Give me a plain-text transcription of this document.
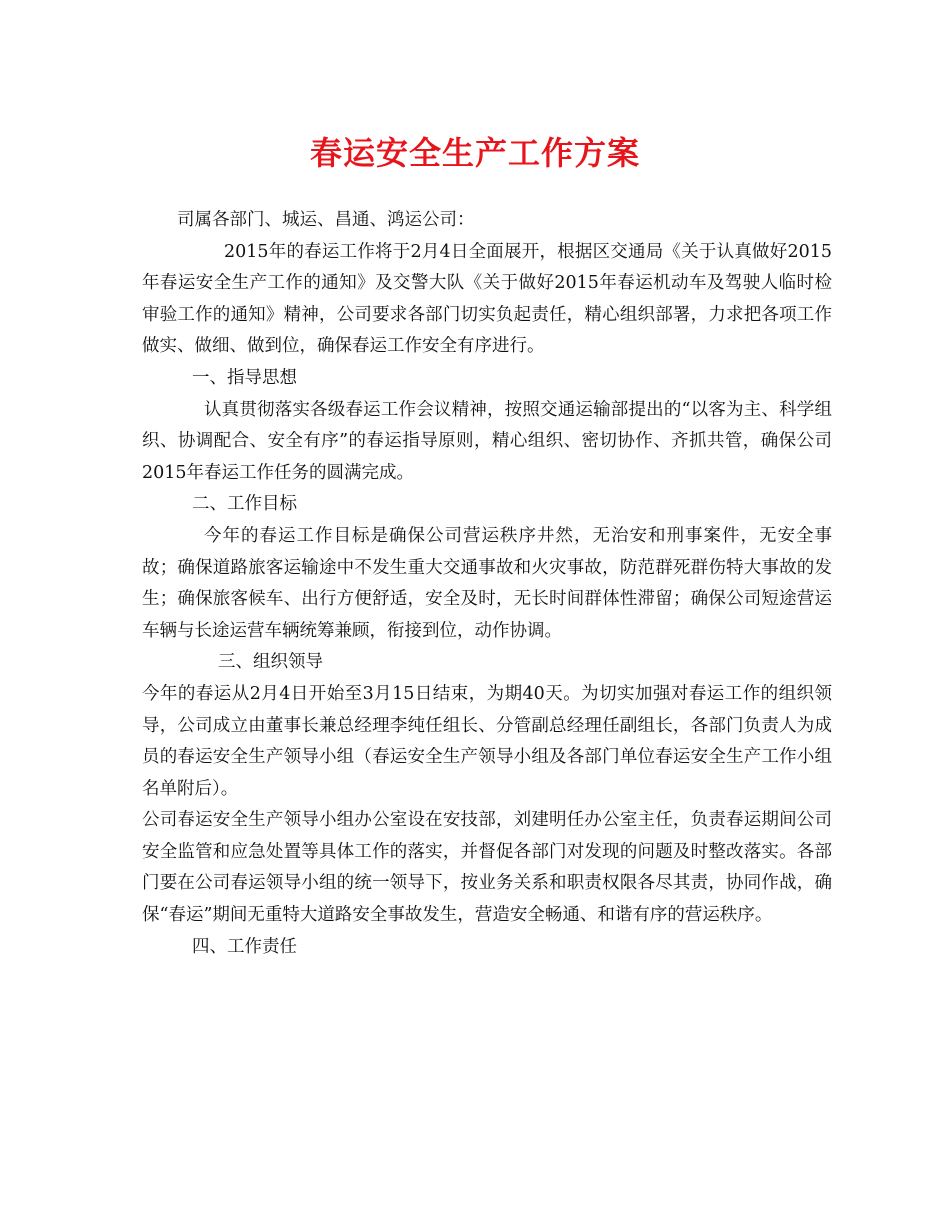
春运安全生产工作方案

司属各部门、城运、昌通、鸿运公司：

2015年的春运工作将于2月4日全面展开，根据区交通局《关于认真做好2015年春运安全生产工作的通知》及交警大队《关于做好2015年春运机动车及驾驶人临时检审验工作的通知》精神，公司要求各部门切实负起责任，精心组织部署，力求把各项工作做实、做细、做到位，确保春运工作安全有序进行。

一、指导思想

认真贯彻落实各级春运工作会议精神，按照交通运输部提出的“以客为主、科学组织、协调配合、安全有序”的春运指导原则，精心组织、密切协作、齐抓共管，确保公司2015年春运工作任务的圆满完成。

二、工作目标

今年的春运工作目标是确保公司营运秩序井然，无治安和刑事案件，无安全事故；确保道路旅客运输途中不发生重大交通事故和火灾事故，防范群死群伤特大事故的发生；确保旅客候车、出行方便舒适，安全及时，无长时间群体性滞留；确保公司短途营运车辆与长途运营车辆统筹兼顾，衔接到位，动作协调。

三、组织领导

今年的春运从2月4日开始至3月15日结束，为期40天。为切实加强对春运工作的组织领导，公司成立由董事长兼总经理李纯任组长、分管副总经理任副组长，各部门负责人为成员的春运安全生产领导小组（春运安全生产领导小组及各部门单位春运安全生产工作小组名单附后）。

公司春运安全生产领导小组办公室设在安技部，刘建明任办公室主任，负责春运期间公司安全监管和应急处置等具体工作的落实，并督促各部门对发现的问题及时整改落实。各部门要在公司春运领导小组的统一领导下，按业务关系和职责权限各尽其责，协同作战，确保“春运”期间无重特大道路安全事故发生，营造安全畅通、和谐有序的营运秩序。

四、工作责任
